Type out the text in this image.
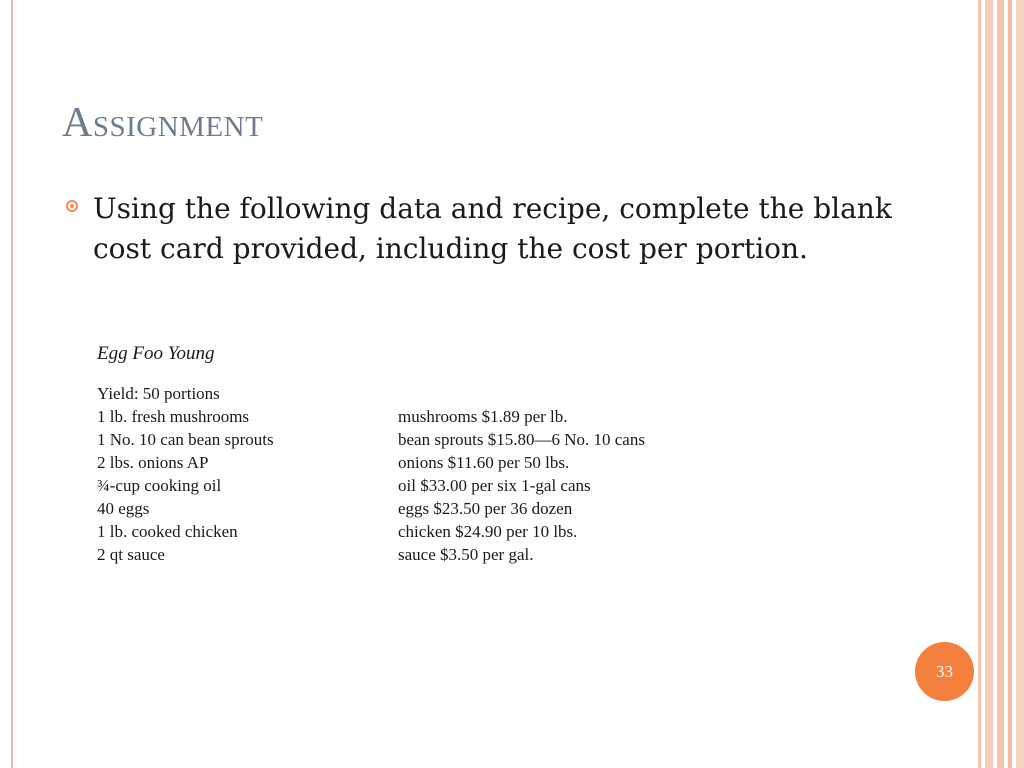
Assignment

Using the following data and recipe, complete the blank cost card provided, including the cost per portion.

Egg Foo Young

Yield: 50 portions
1 lb. fresh mushrooms	mushrooms $1.89 per lb.
1 No. 10 can bean sprouts	bean sprouts $15.80—6 No. 10 cans
2 lbs. onions AP	onions $11.60 per 50 lbs.
¾-cup cooking oil	oil $33.00 per six 1-gal cans
40 eggs	eggs $23.50 per 36 dozen
1 lb. cooked chicken	chicken $24.90 per 10 lbs.
2 qt sauce	sauce $3.50 per gal.
33
